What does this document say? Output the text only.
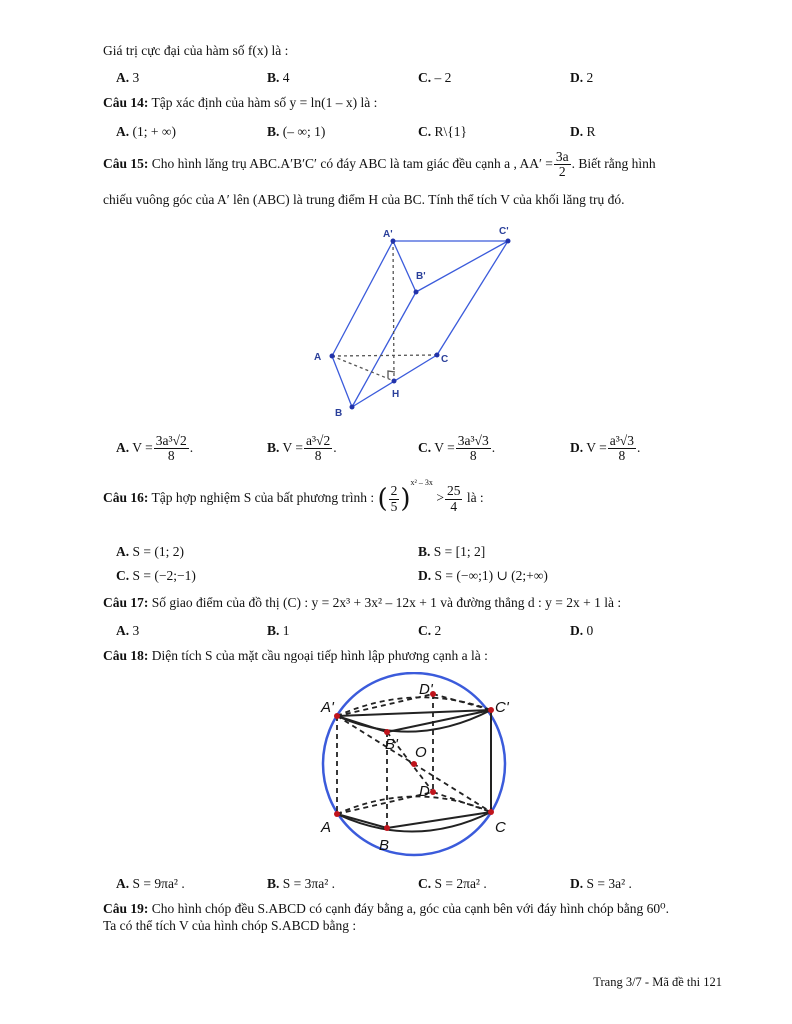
Giá trị cực đại của hàm số f(x) là :
A. 3	B. 4	C. – 2	D. 2
Câu 14: Tập xác định của hàm số y = ln(1 – x) là :
A. (1; + ∞)	B. (– ∞; 1)	C. R\{1}	D. R
Câu 15: Cho hình lăng trụ ABC.A′B′C′ có đáy ABC là tam giác đều cạnh a , $AA' = \frac{3a}{2}$ . Biết rằng hình
chiếu vuông góc của A′ lên (ABC) là trung điểm H của BC. Tính thể tích V của khối lăng trụ đó.
A'	C'
B'
A	C
B
H
A. $V = \frac{\text{3a³√2}}{8}$ .	B. $V = \frac{\text{a³√2}}{8}$ .	C. $V = \frac{\text{3a³√3}}{8}$ .	D. $V = \frac{\text{a³√3}}{8}$ .
Câu 16: Tập hợp nghiệm S của bất phương trình : ( $\frac{2}{5} )^{x^2 - 3x} > \frac{25}{4}$ là :
A. S = (1; 2)	B. S = [1; 2]
C. S = (−2;−1)	D. S = (−∞;1) ∪ (2;+∞)
Câu 17: Số giao điểm của đồ thị (C) : y = 2x³ + 3x² – 12x + 1 và đường thẳng d : y = 2x + 1 là :
A. 3	B. 1	C. 2	D. 0
Câu 18: Diện tích S của mặt cầu ngoại tiếp hình lập phương cạnh a là :
A'
D'
C'
B' O
D
A
B
C
A. S = 9πa² .	B. S = 3πa² .	C. S = 2πa² .	D. S = 3a² .
Câu 19: Cho hình chóp đều S.ABCD có cạnh đáy bằng a, góc của cạnh bên với đáy hình chóp bằng 60⁰.
Ta có thể tích V của hình chóp S.ABCD bằng :
Trang 3/7 - Mã đề thi 121
